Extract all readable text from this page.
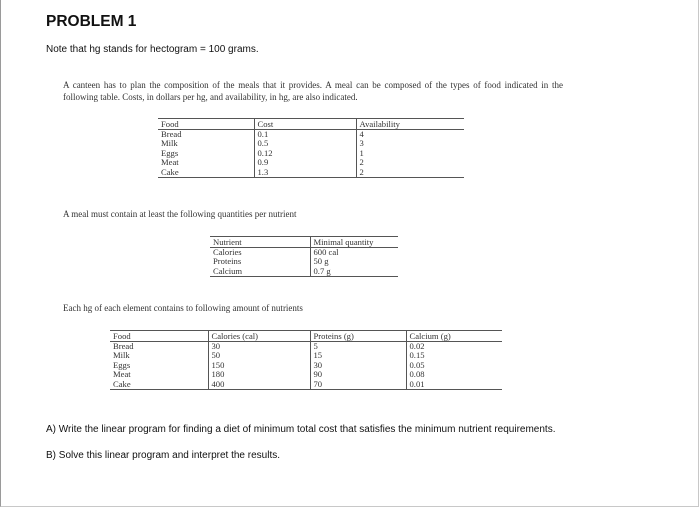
PROBLEM 1
Note that hg stands for hectogram = 100 grams.
A canteen has to plan the composition of the meals that it provides. A meal can be composed of the types of food indicated in the following table. Costs, in dollars per hg, and availability, in hg, are also indicated.
Food	Cost	Availability
Bread	0.1	4
Milk	0.5	3
Eggs	0.12	1
Meat	0.9	2
Cake	1.3	2
A meal must contain at least the following quantities per nutrient
Nutrient	Minimal quantity
Calories	600 cal
Proteins	50 g
Calcium	0.7 g
Each hg of each element contains to following amount of nutrients
Food	Calories (cal)	Proteins (g)	Calcium (g)
Bread	30	5	0.02
Milk	50	15	0.15
Eggs	150	30	0.05
Meat	180	90	0.08
Cake	400	70	0.01
A) Write the linear program for finding a diet of minimum total cost that satisfies the minimum nutrient requirements.
B) Solve this linear program and interpret the results.
